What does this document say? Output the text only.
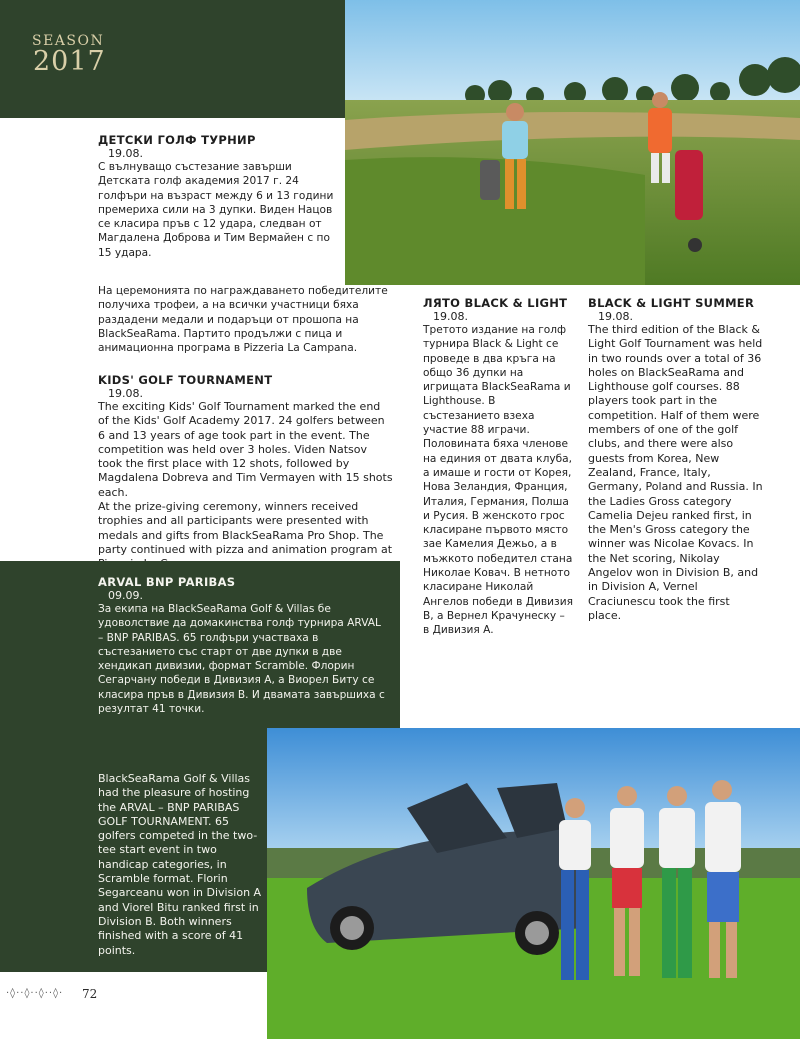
SEASON
2017
ДЕТСКИ ГОЛФ ТУРНИР
19.08.

С вълнуващо състезание завърши Детската голф академия 2017 г. 24 голфъри на възраст между 6 и 13 години премериха сили на 3 дупки. Виден Нацов се класира пръв с 12 удара, следван от Магдалена Доброва и Тим Вермайен с по 15 удара.

На церемонията по награждаването победителите получиха трофеи, а на всички участници бяха раздадени медали и подаръци от прошопа на BlackSeaRama. Партито продължи с пица и анимационна програма в Pizzeria La Campana.

KIDS' GOLF TOURNAMENT
19.08.

The exciting Kids' Golf Tournament marked the end of the Kids' Golf Academy 2017. 24 golfers between 6 and 13 years of age took part in the event. The competition was held over 3 holes. Viden Natsov took the first place with 12 shots, followed by Magdalena Dobreva and Tim Vermayen with 15 shots each.

At the prize-giving ceremony, winners received trophies and all participants were presented with medals and gifts from BlackSeaRama Pro Shop. The party continued with pizza and animation program at

ARVAL BNP PARIBAS
09.09.

За екипа на BlackSeaRama Golf & Villas бе удоволствие да домакинства голф турнира ARVAL – BNP PARIBAS. 65 голфъри участваха в състезанието със старт от две дупки в две хендикап дивизии, формат Scramble. Флорин Сегарчану победи в Дивизия A, а Виорел Биту се класира пръв в Дивизия B. И двамата завършиха с резултат 41 точки.

BlackSeaRama Golf & Villas had the pleasure of hosting the ARVAL – BNP PARIBAS GOLF TOURNAMENT. 65 golfers competed in the two-tee start event in two handicap categories, in Scramble format. Florin Segarceanu won in Division A and Viorel Bitu ranked first in Division B. Both winners finished with a score of 41 points.

ЛЯТО BLACK & LIGHT
19.08.

Третото издание на голф турнира Black & Light се проведе в два кръга на общо 36 дупки на игрищата BlackSeaRama и Lighthouse. В състезанието взеха участие 88 играчи. Половината бяха членове на единия от двата клуба, а имаше и гости от Корея, Нова Зеландия, Франция, Италия, Германия, Полша и Русия. В женското грос класиране първото място зае Камелия Дежьо, а в мъжкото победител стана Николае Ковач. В нетното класиране Николай Ангелов победи в Дивизия B, а Вернел Крачунеску – в Дивизия A.

BLACK & LIGHT SUMMER
19.08.

The third edition of the Black & Light Golf Tournament was held in two rounds over a total of 36 holes on BlackSeaRama and Lighthouse golf courses. 88 players took part in the competition. Half of them were members of one of the golf clubs, and there were also guests from Korea, New Zealand, France, Italy, Germany, Poland and Russia. In the Ladies Gross category Camelia Dejeu ranked first, in the Men's Gross category the winner was Nicolae Kovacs. In the Net scoring, Nikolay Angelov won in Division B, and in Division A, Vernel Craciunescu took the first place.

·◊··◊··◊··◊· 72
